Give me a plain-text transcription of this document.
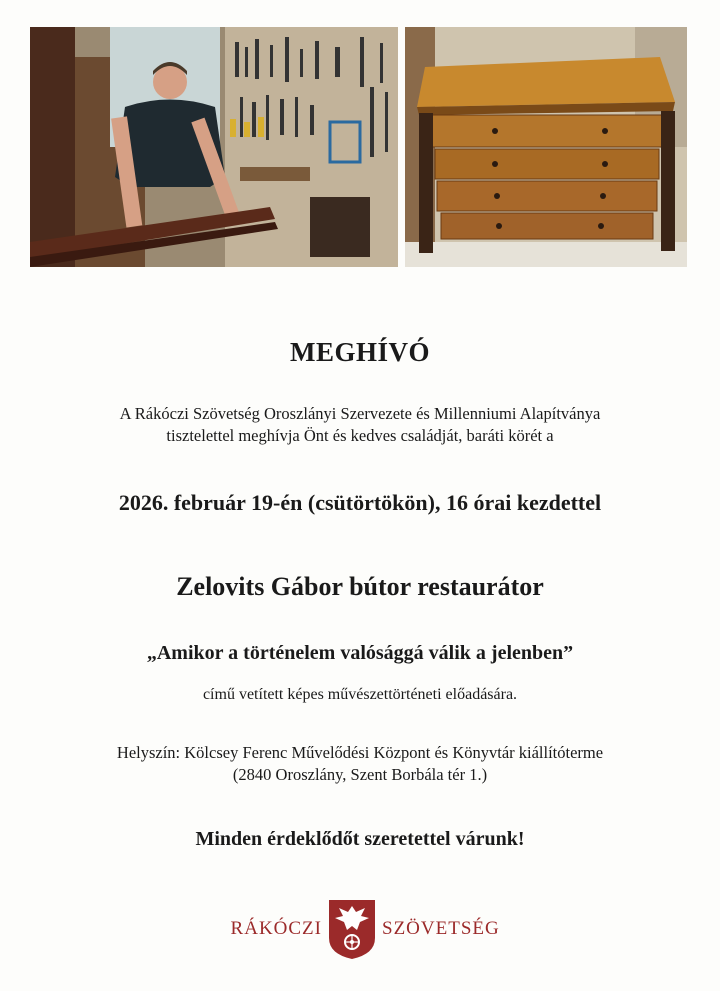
MEGHÍVÓ
A Rákóczi Szövetség Oroszlányi Szervezete és Millenniumi Alapítványa
tisztelettel meghívja Önt és kedves családját, baráti körét a
2026. február 19-én (csütörtökön), 16 órai kezdettel
Zelovits Gábor bútor restaurátor
„Amikor a történelem valósággá válik a jelenben”
című vetített képes művészettörténeti előadására.
Helyszín: Kölcsey Ferenc Művelődési Központ és Könyvtár kiállítóterme
(2840 Oroszlány, Szent Borbála tér 1.)
Minden érdeklődőt szeretettel várunk!
RÁKÓCZI	SZÖVETSÉG
